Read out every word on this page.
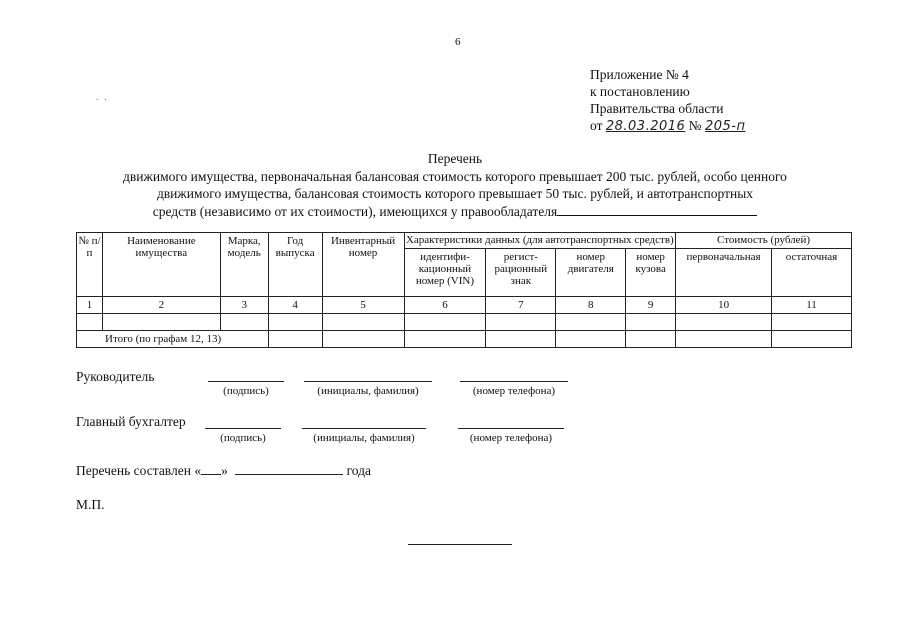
6
..
Приложение № 4
к постановлению
Правительства области
от 28.03.2016 № 205-п
Перечень
движимого имущества, первоначальная балансовая стоимость которого превышает 200 тыс. рублей, особо ценного
движимого имущества, балансовая стоимость которого превышает 50 тыс. рублей, и автотранспортных
средств (независимо от их стоимости), имеющихся у правообладателя
№ п/п	Наименование имущества	Марка, модель	Год выпуска	Инвентарный номер	Характеристики данных (для автотранспортных средств)				Стоимость (рублей)	
					идентифи-кационный номер (VIN)	регист-рационный знак	номер двигателя	номер кузова	первоначальная	остаточная
1	2	3	4	5	6	7	8	9	10	11

Итого (по графам 12, 13)										
Руководитель
(подпись)	(инициалы, фамилия)	(номер телефона)
Главный бухгалтер
(подпись)	(инициалы, фамилия)	(номер телефона)
Перечень составлен « »	года
М.П.
